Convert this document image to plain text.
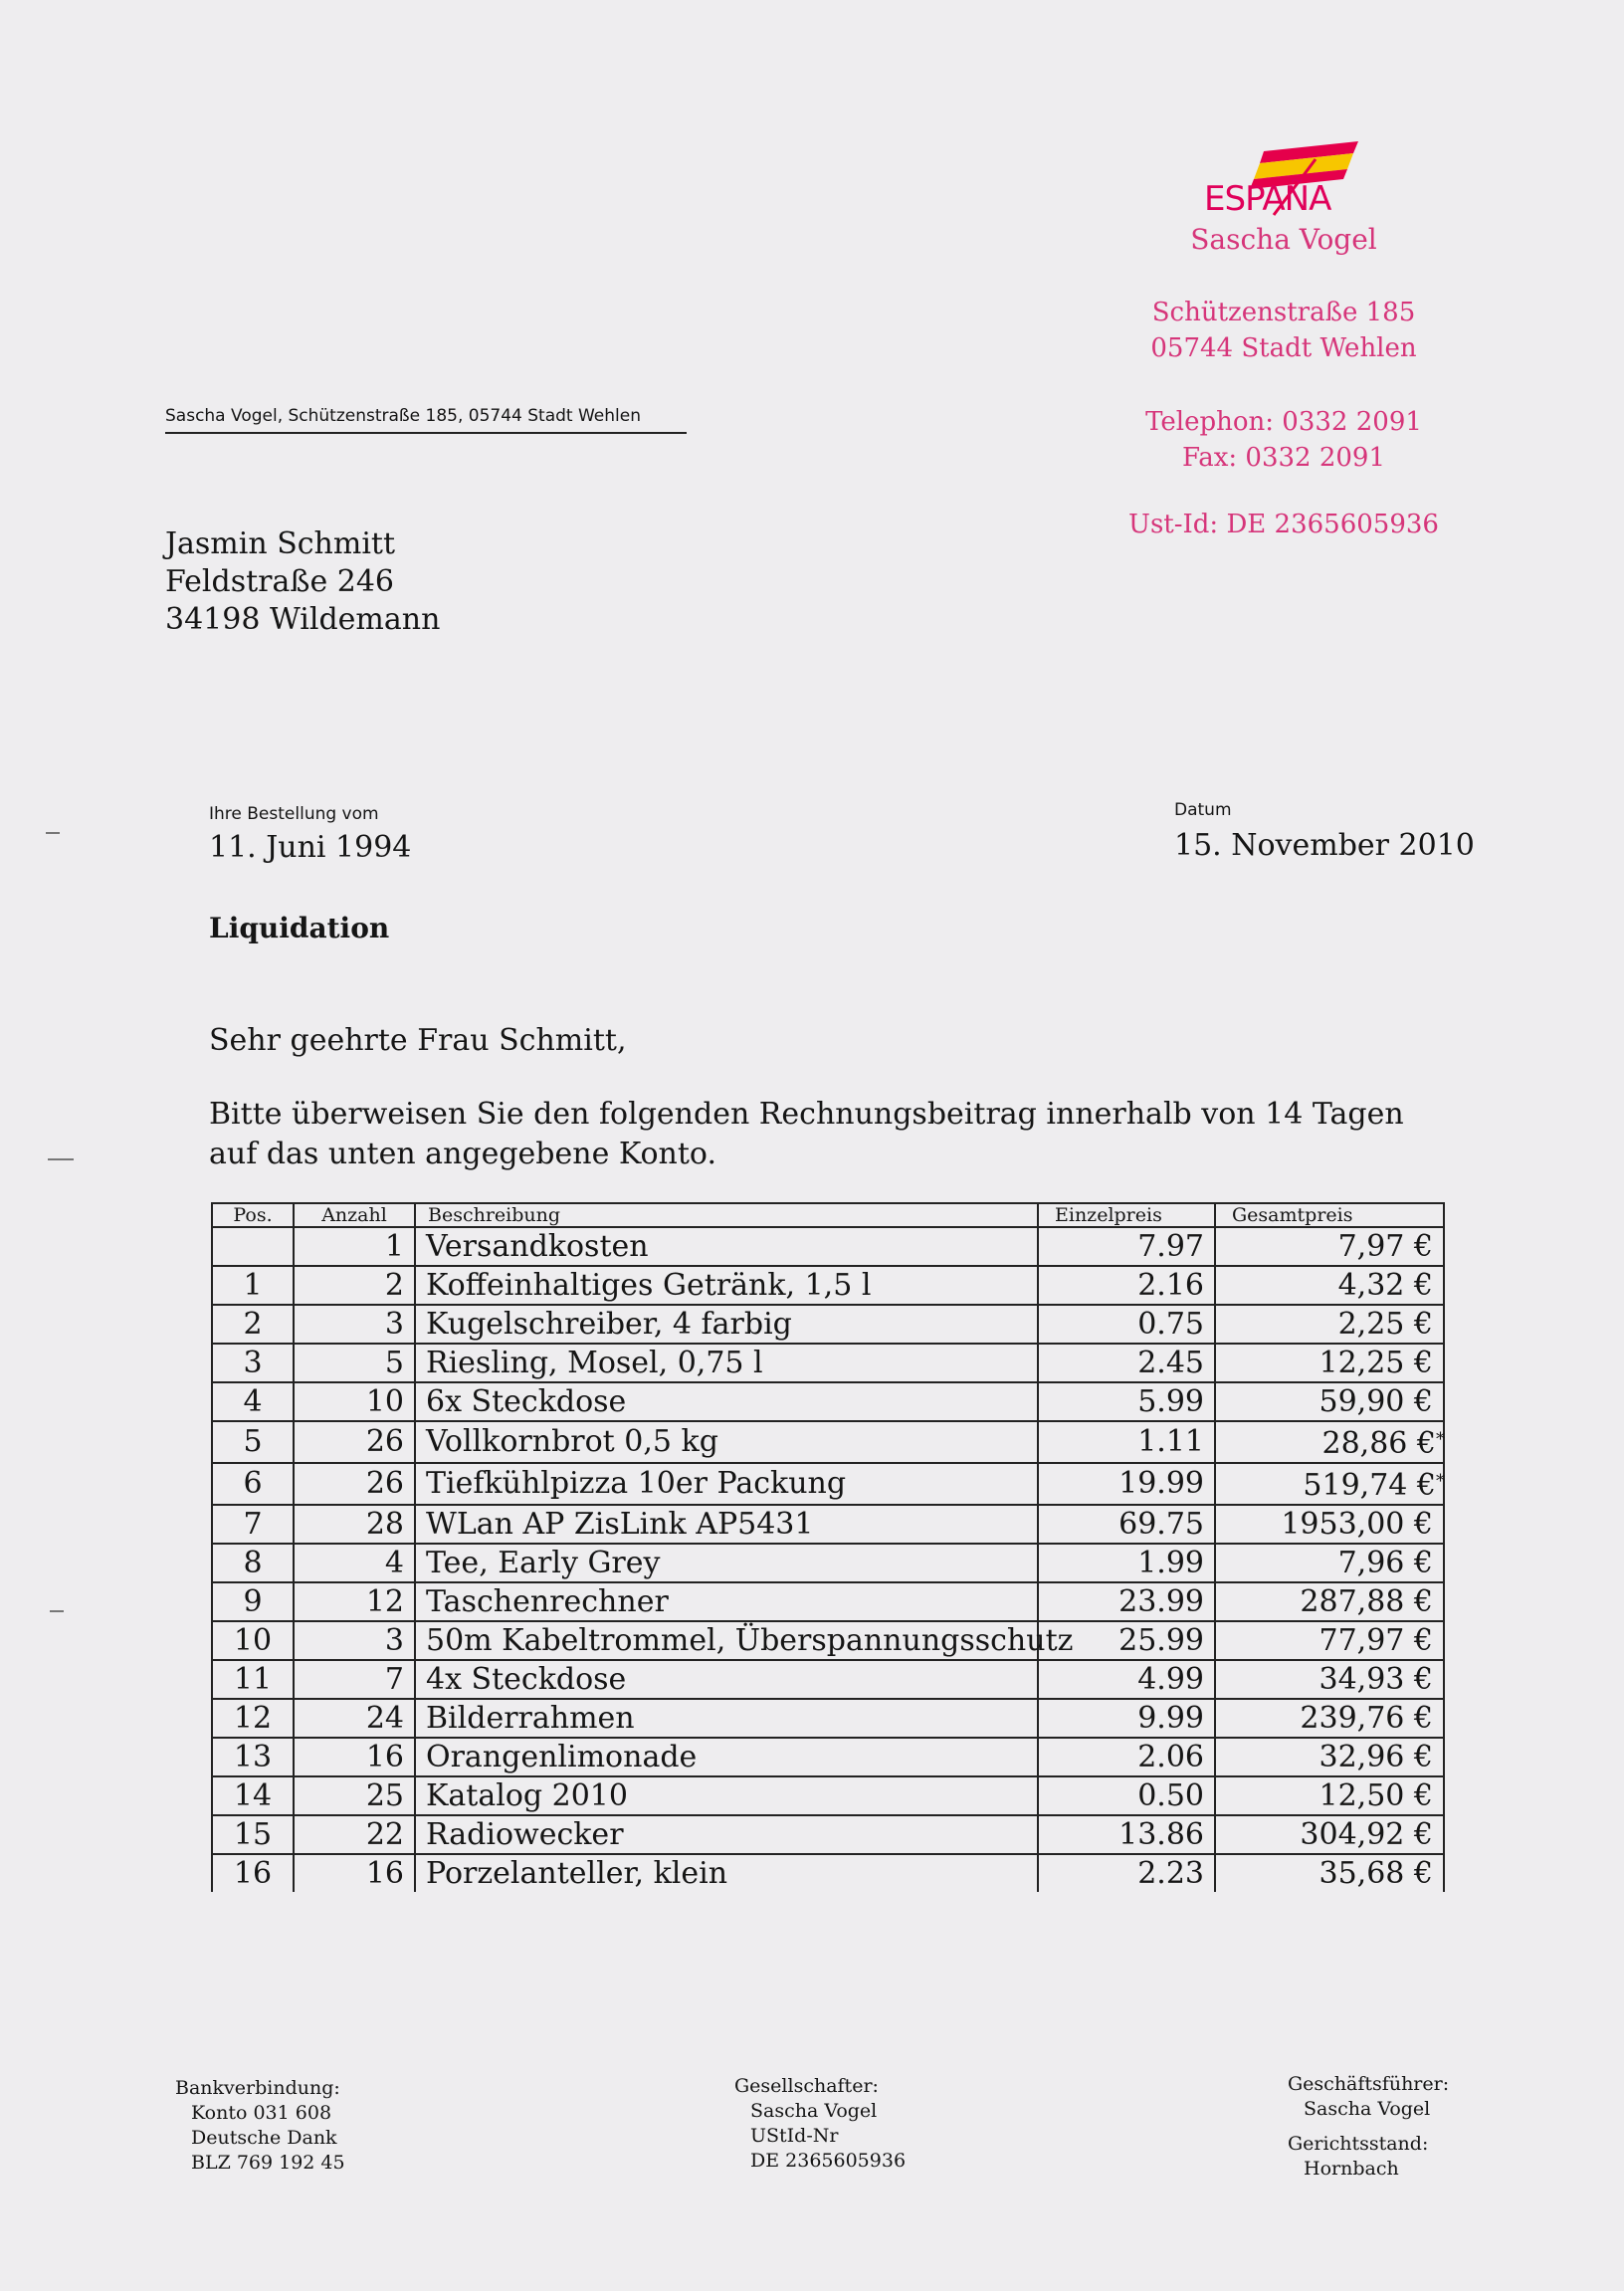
ESPAÑA
Sascha Vogel
Schützenstraße 185
05744 Stadt Wehlen
Telephon: 0332 2091
Fax: 0332 2091
Ust-Id: DE 2365605936
Sascha Vogel, Schützenstraße 185, 05744 Stadt Wehlen
Jasmin Schmitt
Feldstraße 246
34198 Wildemann
Ihre Bestellung vom
11. Juni 1994
Datum
15. November 2010
Liquidation
Sehr geehrte Frau Schmitt,
Bitte überweisen Sie den folgenden Rechnungsbeitrag innerhalb von 14 Tagen auf das unten angegebene Konto.
Pos.	Anzahl	Beschreibung	Einzelpreis	Gesamtpreis
	1	Versandkosten	7.97	7,97 €
1	2	Koffeinhaltiges Getränk, 1,5 l	2.16	4,32 €
2	3	Kugelschreiber, 4 farbig	0.75	2,25 €
3	5	Riesling, Mosel, 0,75 l	2.45	12,25 €
4	10	6x Steckdose	5.99	59,90 €
5	26	Vollkornbrot 0,5 kg	1.11	28,86 €*
6	26	Tiefkühlpizza 10er Packung	19.99	519,74 €*
7	28	WLan AP ZisLink AP5431	69.75	1953,00 €
8	4	Tee, Early Grey	1.99	7,96 €
9	12	Taschenrechner	23.99	287,88 €
10	3	50m Kabeltrommel, Überspannungsschutz	25.99	77,97 €
11	7	4x Steckdose	4.99	34,93 €
12	24	Bilderrahmen	9.99	239,76 €
13	16	Orangenlimonade	2.06	32,96 €
14	25	Katalog 2010	0.50	12,50 €
15	22	Radiowecker	13.86	304,92 €
16	16	Porzelanteller, klein	2.23	35,68 €
Bankverbindung:
Konto 031 608
Deutsche Dank
BLZ 769 192 45
Gesellschafter:
Sascha Vogel
UStId-Nr
DE 2365605936
Geschäftsführer:
Sascha Vogel
Gerichtsstand:
Hornbach
